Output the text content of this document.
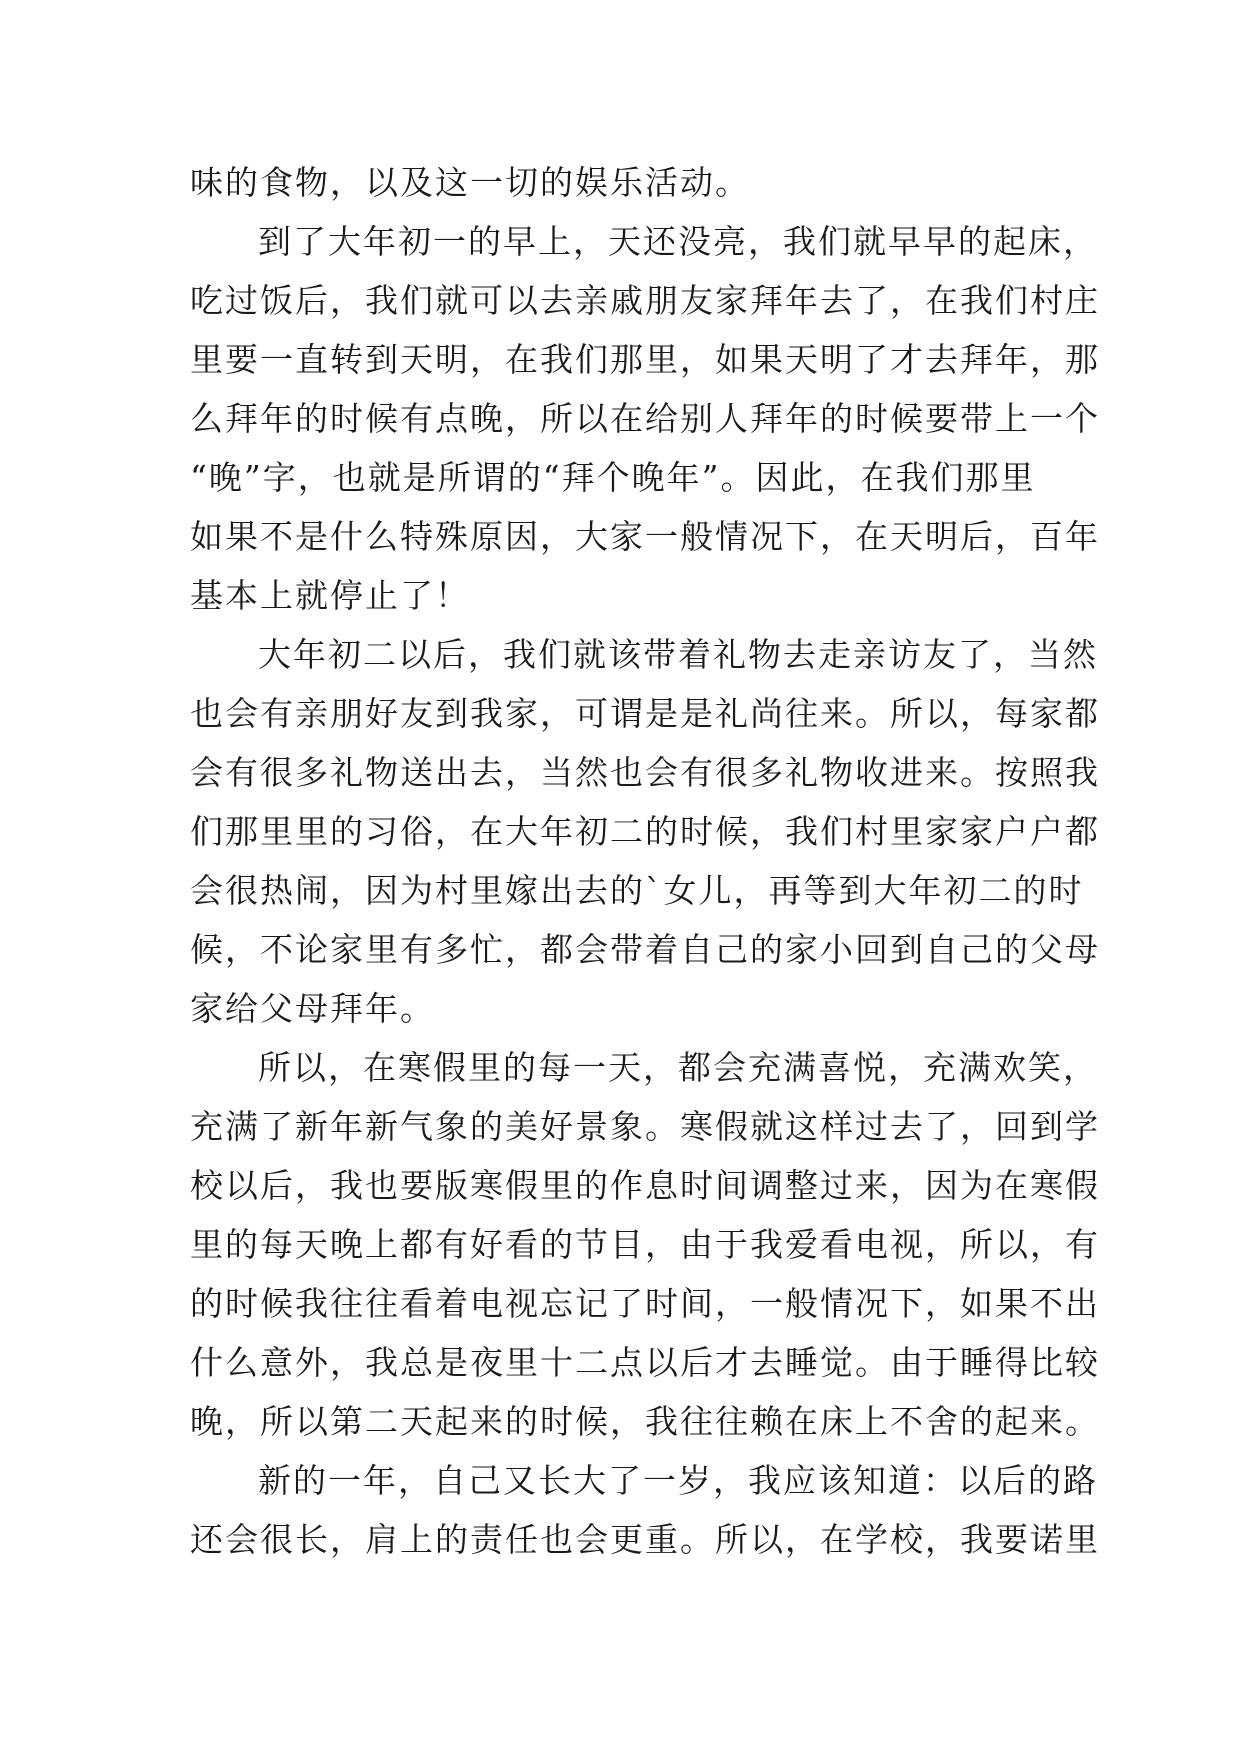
味的食物，以及这一切的娱乐活动。
到了大年初一的早上，天还没亮，我们就早早的起床，
吃过饭后，我们就可以去亲戚朋友家拜年去了，在我们村庄
里要一直转到天明，在我们那里，如果天明了才去拜年，那
么拜年的时候有点晚，所以在给别人拜年的时候要带上一个
“晚”字，也就是所谓的“拜个晚年”。因此，在我们那里
如果不是什么特殊原因，大家一般情况下，在天明后，百年
基本上就停止了！
大年初二以后，我们就该带着礼物去走亲访友了，当然
也会有亲朋好友到我家，可谓是是礼尚往来。所以，每家都
会有很多礼物送出去，当然也会有很多礼物收进来。按照我
们那里里的习俗，在大年初二的时候，我们村里家家户户都
会很热闹，因为村里嫁出去的`女儿，再等到大年初二的时
候，不论家里有多忙，都会带着自己的家小回到自己的父母
家给父母拜年。
所以，在寒假里的每一天，都会充满喜悦，充满欢笑，
充满了新年新气象的美好景象。寒假就这样过去了，回到学
校以后，我也要版寒假里的作息时间调整过来，因为在寒假
里的每天晚上都有好看的节目，由于我爱看电视，所以，有
的时候我往往看着电视忘记了时间，一般情况下，如果不出
什么意外，我总是夜里十二点以后才去睡觉。由于睡得比较
晚，所以第二天起来的时候，我往往赖在床上不舍的起来。
新的一年，自己又长大了一岁，我应该知道：以后的路
还会很长，肩上的责任也会更重。所以，在学校，我要诺里
